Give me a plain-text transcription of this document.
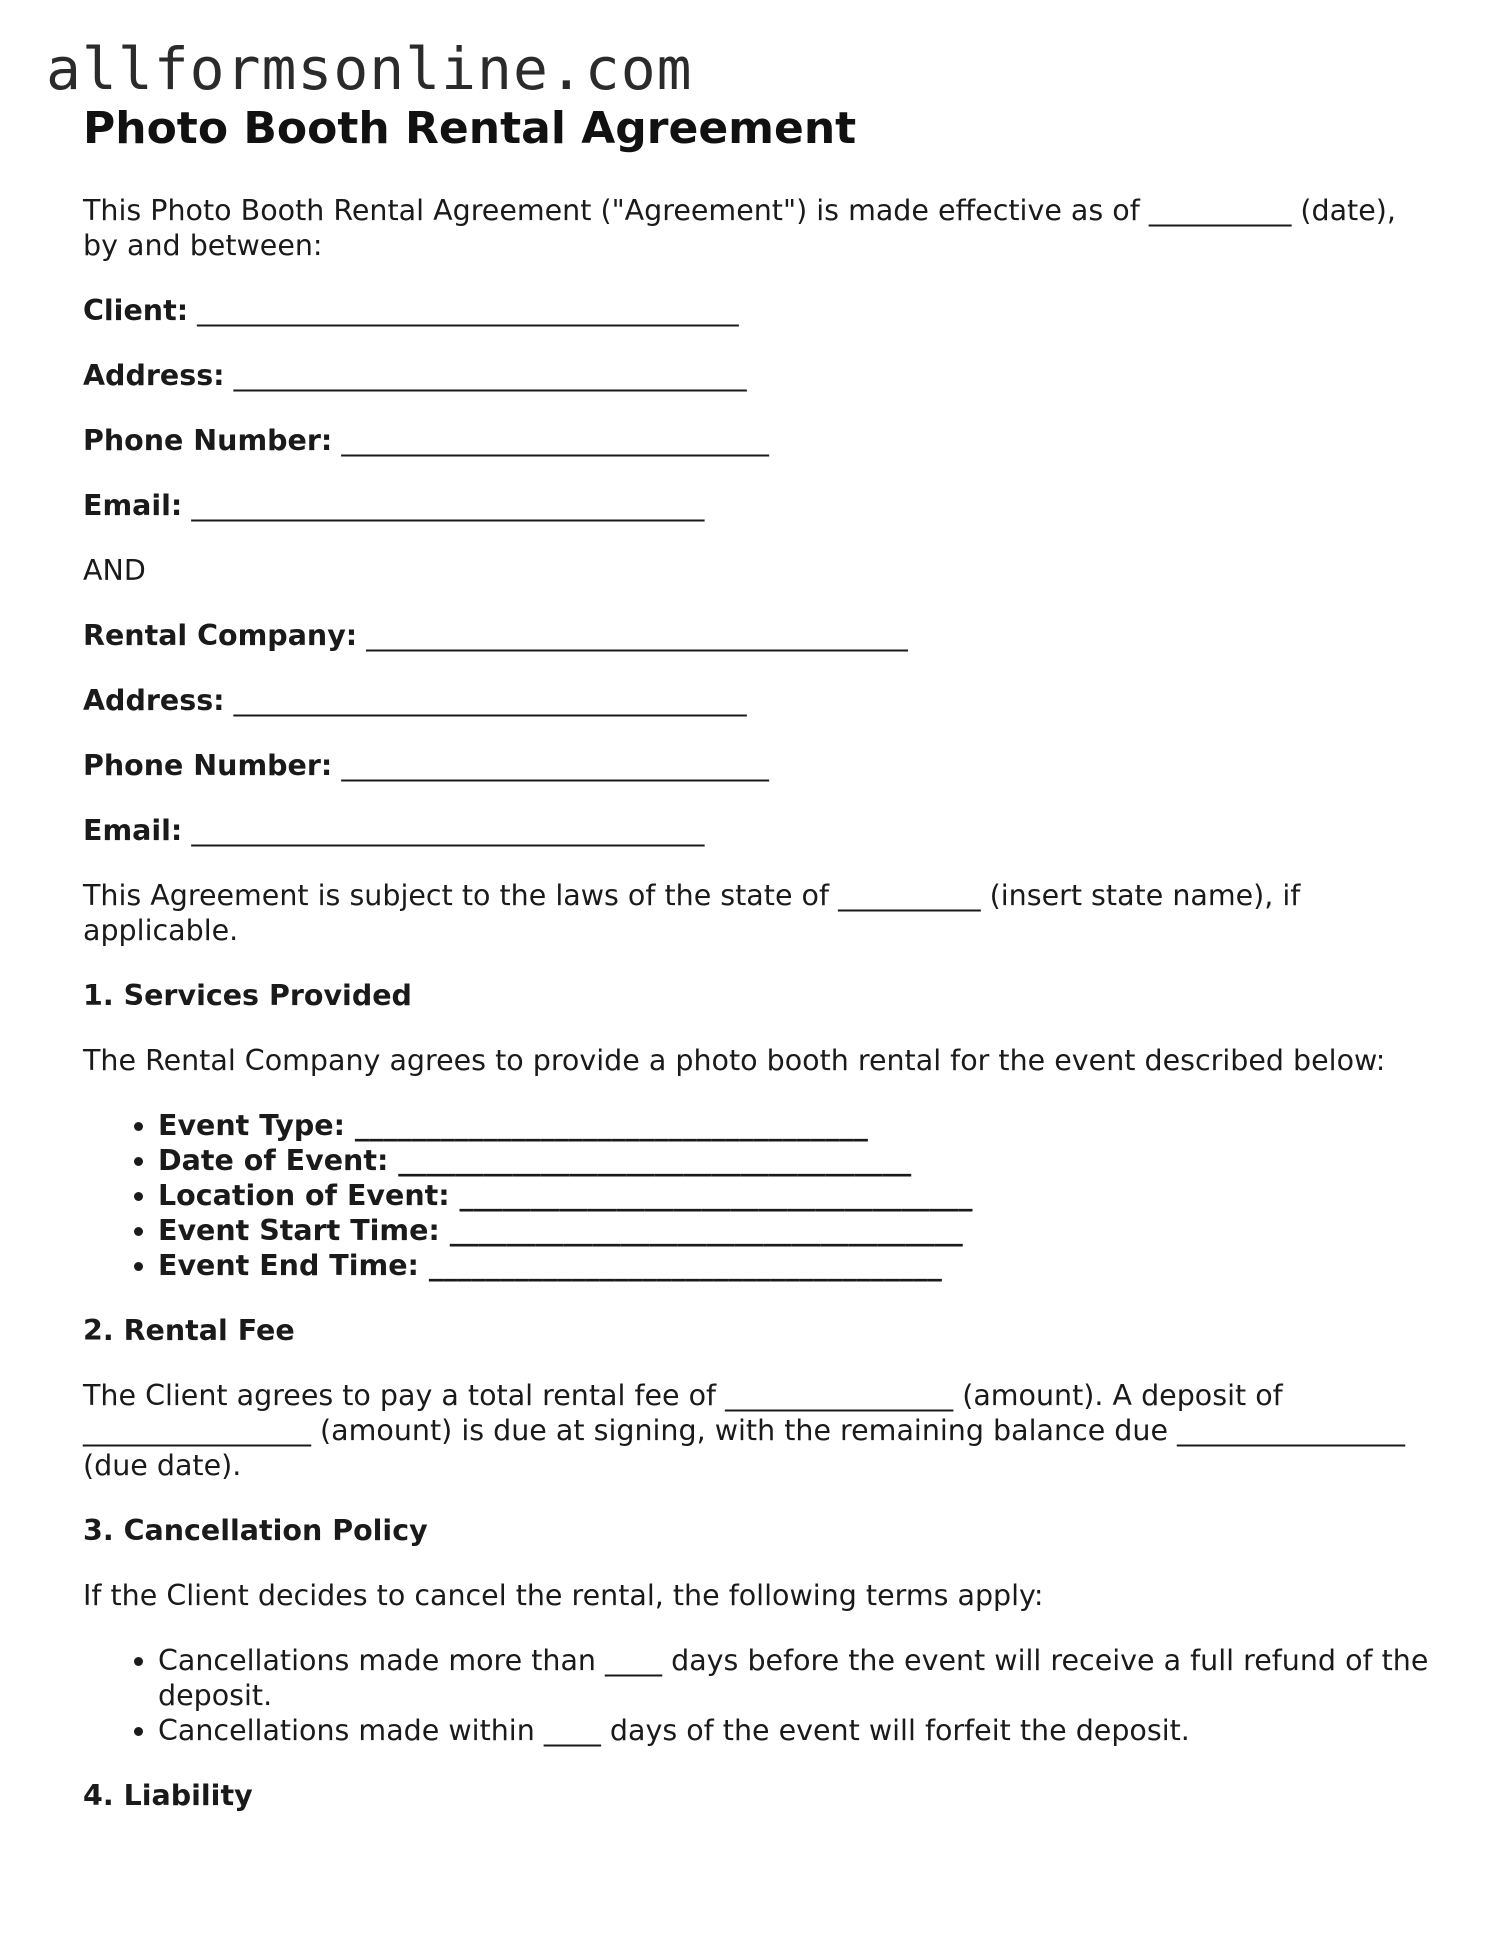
allformsonline.com
Photo Booth Rental Agreement

This Photo Booth Rental Agreement ("Agreement") is made effective as of __________ (date), by and between:

Client: ______________________________________
Address: ____________________________________
Phone Number: ______________________________
Email: ____________________________________

AND

Rental Company: ______________________________________
Address: ____________________________________
Phone Number: ______________________________
Email: ____________________________________

This Agreement is subject to the laws of the state of __________ (insert state name), if applicable.

1. Services Provided

The Rental Company agrees to provide a photo booth rental for the event described below:

• Event Type: ____________________________________
• Date of Event: ____________________________________
• Location of Event: ____________________________________
• Event Start Time: ____________________________________
• Event End Time: ____________________________________
2. Rental Fee

The Client agrees to pay a total rental fee of ________________ (amount). A deposit of ________________ (amount) is due at signing, with the remaining balance due ________________ (due date).

3. Cancellation Policy

If the Client decides to cancel the rental, the following terms apply:

• Cancellations made more than ____ days before the event will receive a full refund of the deposit.
• Cancellations made within ____ days of the event will forfeit the deposit.
4. Liability
